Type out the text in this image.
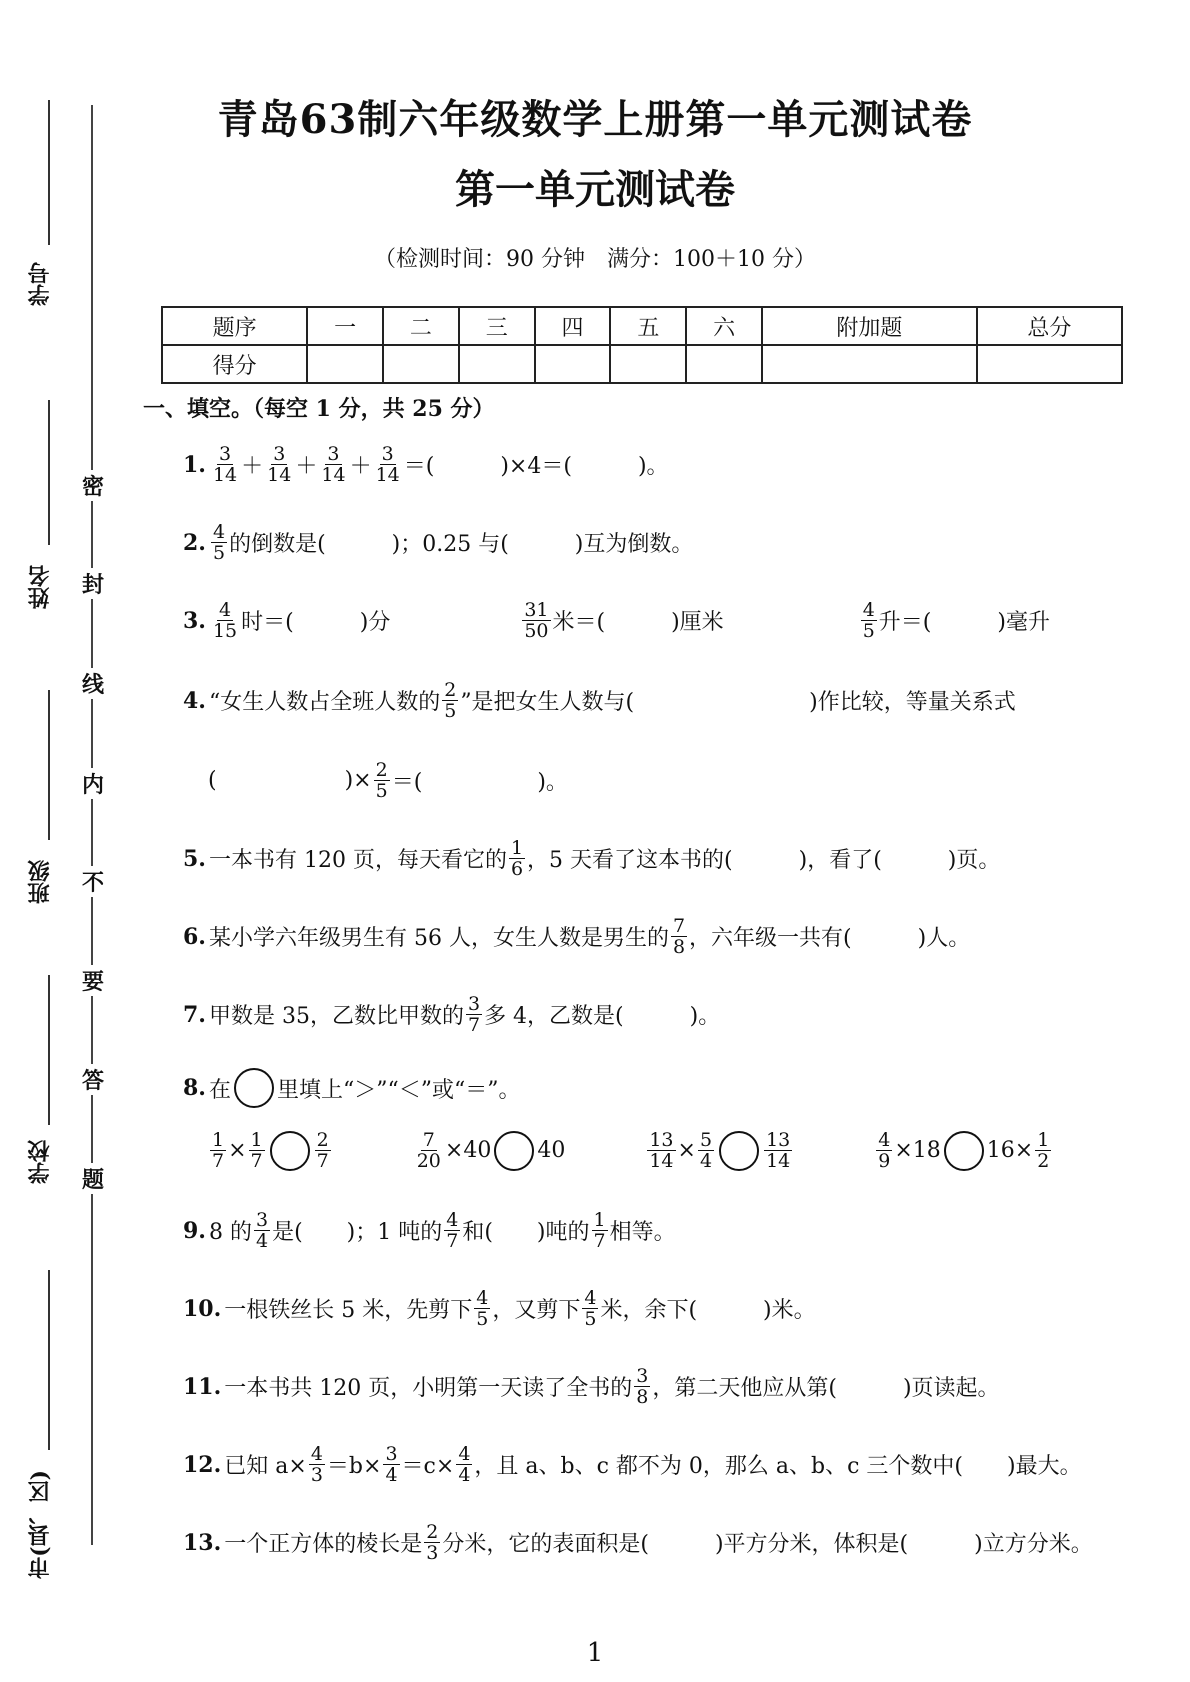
学号
姓名
班级
学校
市(县、区)
密
封
线
内
不
要
答
题
青岛63制六年级数学上册第一单元测试卷
第一单元测试卷
（检测时间：90 分钟　满分：100＋10 分）
题序	一	二	三	四	五	六	附加题	总分
得分								
一、填空。（每空 1 分，共 25 分）
1. $\frac{3}{14} + \frac{3}{14} + \frac{3}{14} + \frac{3}{14}$ ＝(　　　)×4＝(　　　)。
2. $\frac{4}{5}$ 的倒数是(　　　)；0.25 与(　　　)互为倒数。
3. $\frac{4}{15}$ 时＝(　　　)分	$\frac{31}{50}$ 米＝(　　　)厘米	$\frac{4}{5}$ 升＝(　　　)毫升
4. “女生人数占全班人数的 $\frac{2}{5}$ ”是把女生人数与(	)作比较，等量关系式
(	)× $\frac{2}{5}$ ＝(	)。
5. 一本书有 120 页，每天看它的 $\frac{1}{6}$ ，5 天看了这本书的(　　　)，看了(　　　)页。
6. 某小学六年级男生有 56 人，女生人数是男生的 $\frac{7}{8}$ ，六年级一共有(　　　)人。
7. 甲数是 35，乙数比甲数的 $\frac{3}{7}$ 多 4，乙数是(　　　)。
8. 在 里填上“＞”“＜”或“＝”。
$\frac{1}{7} \times \frac{1}{7}$	$\frac{2}{7}$	$\frac{7}{20} \times 40$ 40	$\frac{13}{14} \times \frac{5}{4}$	$\frac{13}{14}$	$\frac{4}{9} \times 18$ $16\times \frac{1}{2}$
9. 8 的 $\frac{3}{4}$ 是(　　)；1 吨的 $\frac{4}{7}$ 和(　　)吨的 $\frac{1}{7}$ 相等。
10. 一根铁丝长 5 米，先剪下 $\frac{4}{5}$ ，又剪下 $\frac{4}{5}$ 米，余下(　　　)米。
11. 一本书共 120 页，小明第一天读了全书的 $\frac{3}{8}$ ，第二天他应从第(　　　)页读起。
12. 已知 $a\times \frac{4}{3} =b\times \frac{3}{4} =c\times \frac{4}{4}$ ，且 a、b、c 都不为 0，那么 a、b、c 三个数中(　　)最大。
13. 一个正方体的棱长是 $\frac{2}{3}$ 分米，它的表面积是(　　　)平方分米，体积是(　　　)立方分米。
1
